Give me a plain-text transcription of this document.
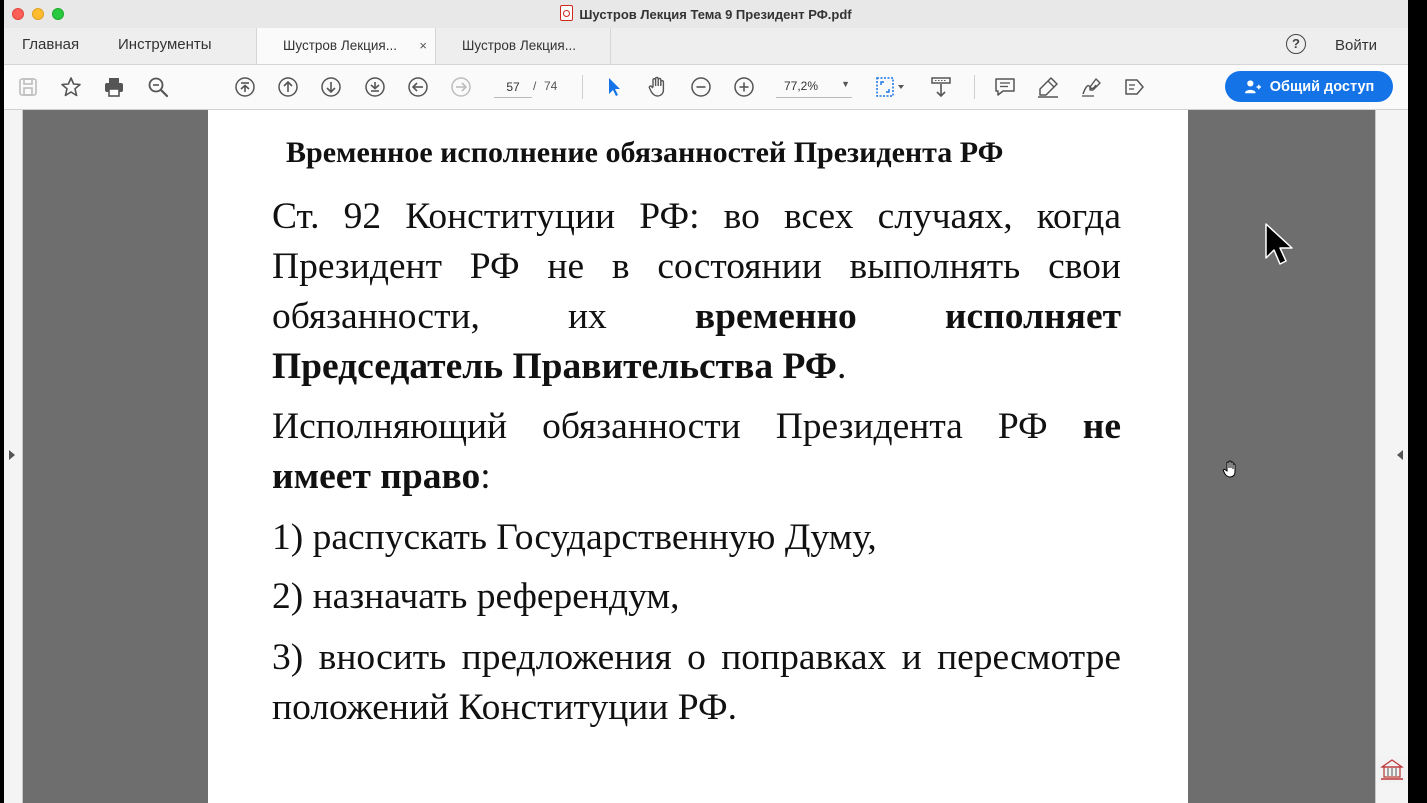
Шустров Лекция Тема 9 Президент РФ.pdf
Главная	Инструменты	Шустров Лекция... ×	Шустров Лекция...	?	Войти
57
/ 74	77,2%	▼	Общий доступ
Временное исполнение обязанностей Президента РФ
Ст. 92 Конституции РФ: во всех случаях, когда Президент РФ не в состоянии выполнять свои обязанности, их временно исполняет Председатель Правительства РФ.
Исполняющий обязанности Президента РФ не имеет право:
1) распускать Государственную Думу,
2) назначать референдум,
3) вносить предложения о поправках и пересмотре положений Конституции РФ.
